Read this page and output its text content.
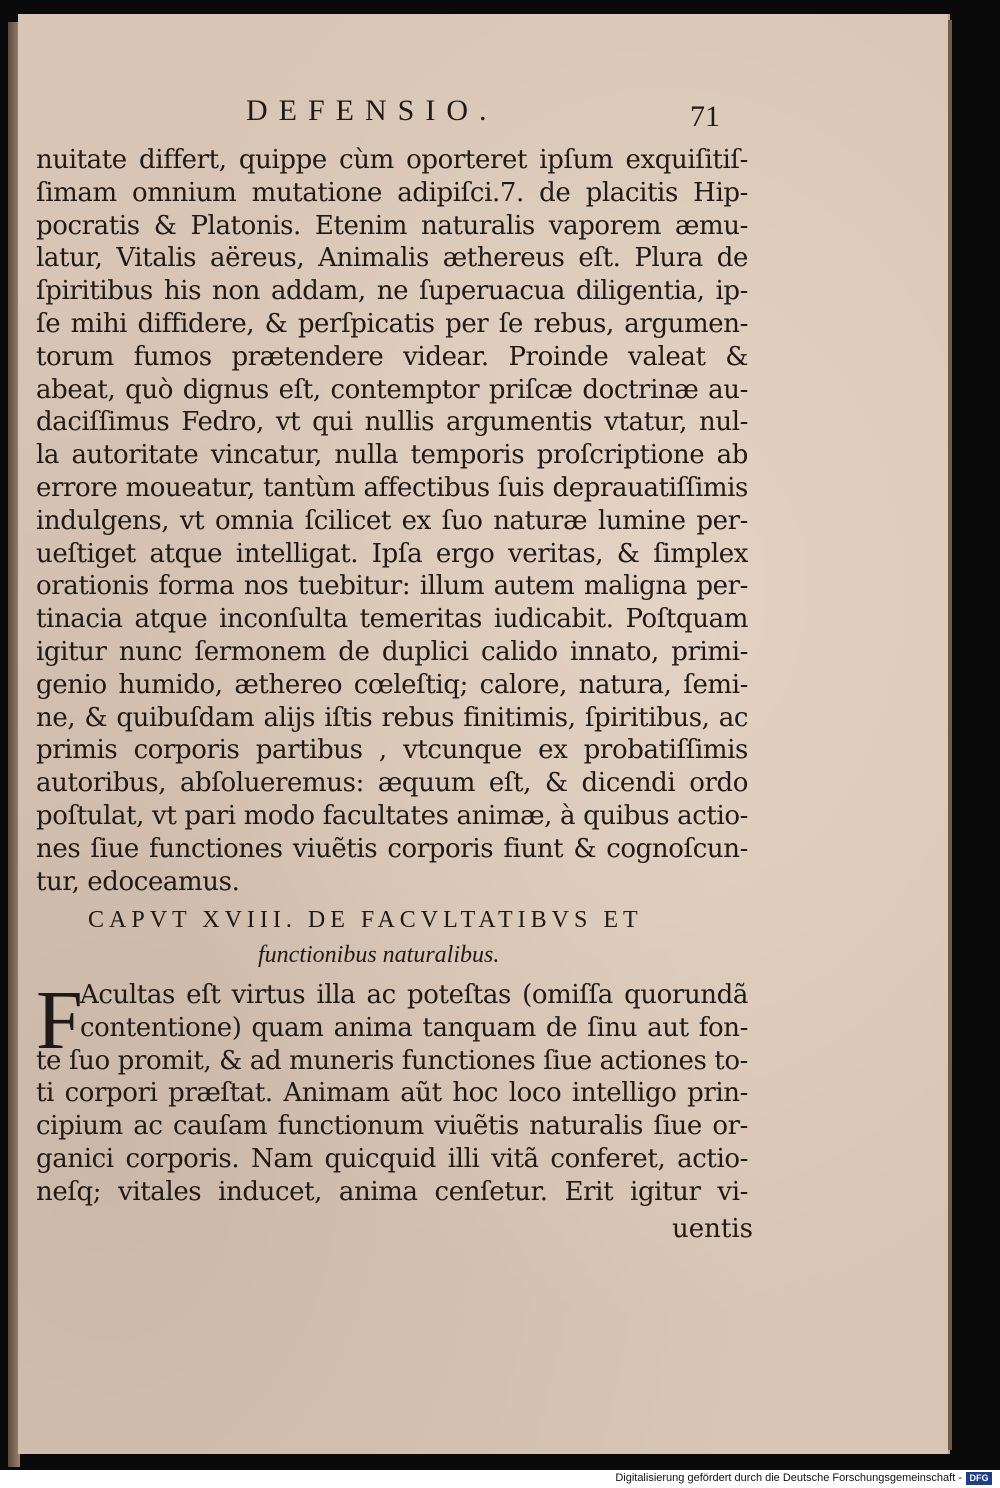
DEFENSIO.	71
nuitate differt, quippe cùm oporteret ipſum exquiſitiſ-
ſimam omnium mutatione adipiſci.7. de placitis Hip-
pocratis & Platonis. Etenim naturalis vaporem æmu-
latur, Vitalis aëreus, Animalis æthereus eſt. Plura de
ſpiritibus his non addam, ne ſuperuacua diligentia, ip-
ſe mihi diffidere, & perſpicatis per ſe rebus, argumen-
torum fumos prætendere videar. Proinde valeat &
abeat, quò dignus eſt, contemptor priſcæ doctrinæ au-
daciſſimus Fedro, vt qui nullis argumentis vtatur, nul-
la autoritate vincatur, nulla temporis proſcriptione ab
errore moueatur, tantùm affectibus ſuis deprauatiſſimis
indulgens, vt omnia ſcilicet ex ſuo naturæ lumine per-
ueſtiget atque intelligat. Ipſa ergo veritas, & ſimplex
orationis forma nos tuebitur: illum autem maligna per-
tinacia atque inconſulta temeritas iudicabit. Poſtquam
igitur nunc ſermonem de duplici calido innato, primi-
genio humido, æthereo cœleſtiq; calore, natura, ſemi-
ne, & quibuſdam alijs iſtis rebus finitimis, ſpiritibus, ac
primis corporis partibus , vtcunque ex probatiſſimis
autoribus, abſolueremus: æquum eſt, & dicendi ordo
poſtulat, vt pari modo facultates animæ, à quibus actio-
nes ſiue functiones viuẽtis corporis fiunt & cognoſcun-
tur, edoceamus.
CAPVT XVIII. DE FACVLTATIBVS ET
functionibus naturalibus.
F
Acultas eſt virtus illa ac poteſtas (omiſſa quorundã
contentione) quam anima tanquam de ſinu aut fon-
te ſuo promit, & ad muneris functiones ſiue actiones to-
ti corpori præſtat. Animam aũt hoc loco intelligo prin-
cipium ac cauſam functionum viuẽtis naturalis ſiue or-
ganici corporis. Nam quicquid illi vitã conferet, actio-
neſq; vitales inducet, anima cenſetur. Erit igitur vi-
uentis
Digitalisierung gefördert durch die Deutsche Forschungsgemeinschaft - DFG
